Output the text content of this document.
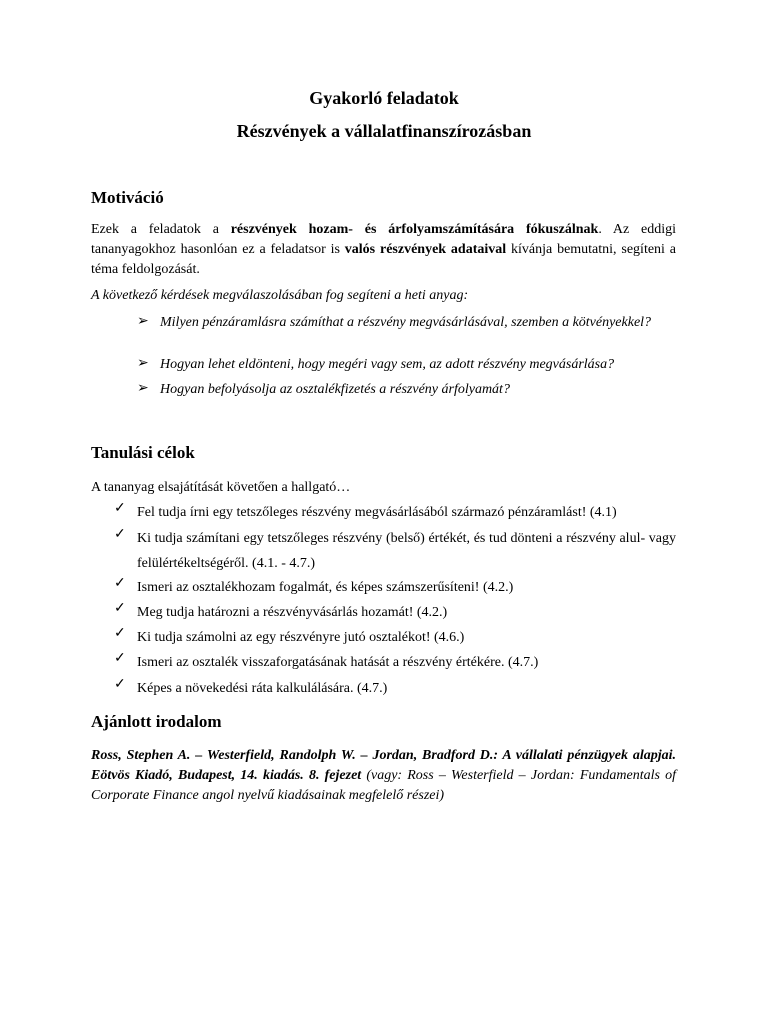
Gyakorló feladatok
Részvények a vállalatfinanszírozásban
Motiváció
Ezek a feladatok a részvények hozam- és árfolyamszámítására fókuszálnak. Az eddigi tananyagokhoz hasonlóan ez a feladatsor is valós részvények adataival kívánja bemutatni, segíteni a téma feldolgozását.
A következő kérdések megválaszolásában fog segíteni a heti anyag:
➢ Milyen pénzáramlásra számíthat a részvény megvásárlásával, szemben a kötvényekkel?
➢ Hogyan lehet eldönteni, hogy megéri vagy sem, az adott részvény megvásárlása?
➢ Hogyan befolyásolja az osztalékfizetés a részvény árfolyamát?
Tanulási célok
A tananyag elsajátítását követően a hallgató…
✓ Fel tudja írni egy tetszőleges részvény megvásárlásából származó pénzáramlást! (4.1)
✓ Ki tudja számítani egy tetszőleges részvény (belső) értékét, és tud dönteni a részvény alul- vagy felülértékeltségéről. (4.1. - 4.7.)
✓ Ismeri az osztalékhozam fogalmát, és képes számszerűsíteni! (4.2.)
✓ Meg tudja határozni a részvényvásárlás hozamát! (4.2.)
✓ Ki tudja számolni az egy részvényre jutó osztalékot! (4.6.)
✓ Ismeri az osztalék visszaforgatásának hatását a részvény értékére. (4.7.)
✓ Képes a növekedési ráta kalkulálására. (4.7.)
Ajánlott irodalom
Ross, Stephen A. – Westerfield, Randolph W. – Jordan, Bradford D.: A vállalati pénzügyek alapjai. Eötvös Kiadó, Budapest, 14. kiadás. 8. fejezet (vagy: Ross – Westerfield – Jordan: Fundamentals of Corporate Finance angol nyelvű kiadásainak megfelelő részei)
